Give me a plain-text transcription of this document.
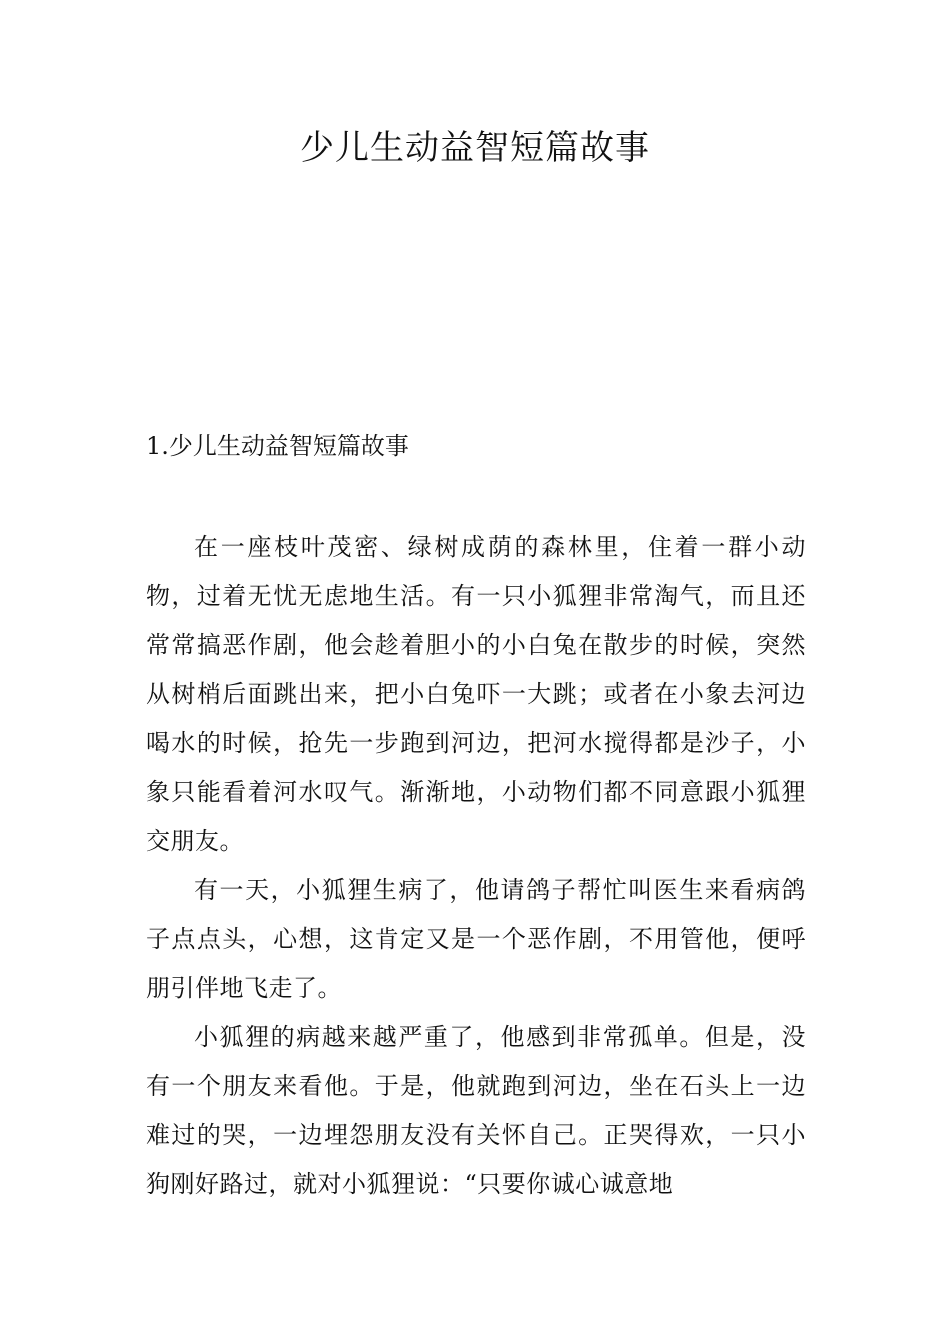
少儿生动益智短篇故事
1.少儿生动益智短篇故事

在一座枝叶茂密、绿树成荫的森林里，住着一群小动物，过着无忧无虑地生活。有一只小狐狸非常淘气，而且还常常搞恶作剧，他会趁着胆小的小白兔在散步的时候，突然从树梢后面跳出来，把小白兔吓一大跳；或者在小象去河边喝水的时候，抢先一步跑到河边，把河水搅得都是沙子，小象只能看着河水叹气。渐渐地，小动物们都不同意跟小狐狸交朋友。

有一天，小狐狸生病了，他请鸽子帮忙叫医生来看病鸽子点点头，心想，这肯定又是一个恶作剧，不用管他，便呼朋引伴地飞走了。

小狐狸的病越来越严重了，他感到非常孤单。但是，没有一个朋友来看他。于是，他就跑到河边，坐在石头上一边难过的哭，一边埋怨朋友没有关怀自己。正哭得欢，一只小狗刚好路过，就对小狐狸说：“只要你诚心诚意地
